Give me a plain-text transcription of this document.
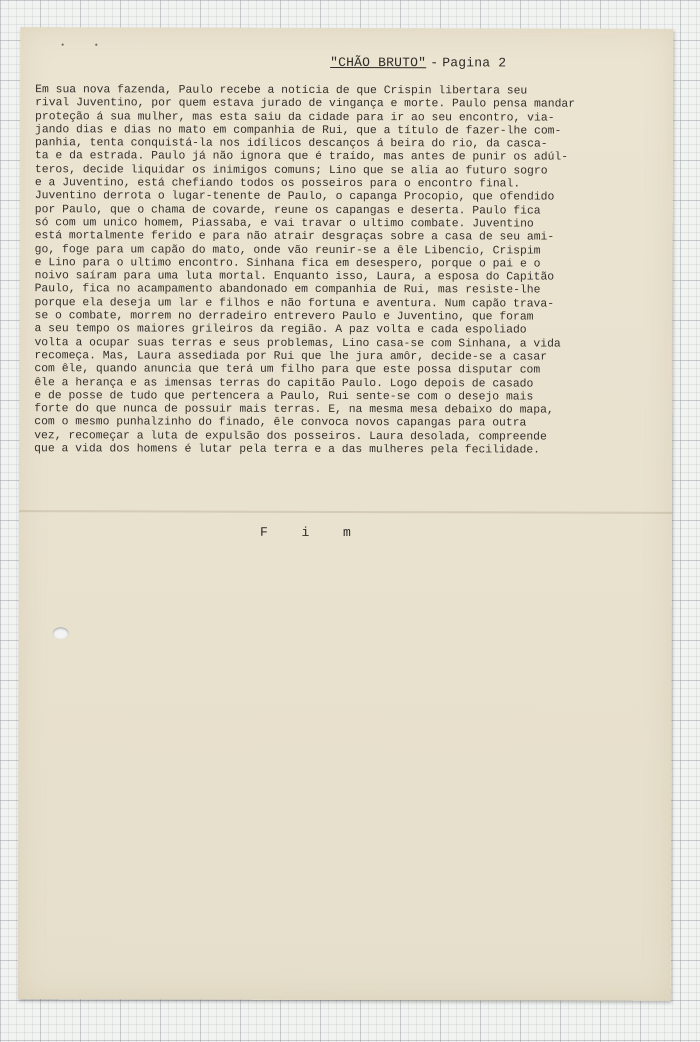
•      •
"CHÃO BRUTO" - Pagina 2
Em sua nova fazenda, Paulo recebe a notícia de que Crispin libertara seu
rival Juventino, por quem estava jurado de vingança e morte. Paulo pensa mandar
proteção á sua mulher, mas esta saiu da cidade para ir ao seu encontro, via-
jando dias e dias no mato em companhia de Rui, que a título de fazer-lhe com-
panhia, tenta conquistá-la nos idílicos descanços á beira do rio, da casca-
ta e da estrada. Paulo já não ignora que é traído, mas antes de punir os adúl-
teros, decide liquidar os inimigos comuns; Lino que se alia ao futuro sogro
e a Juventino, está chefiando todos os posseiros para o encontro final.
Juventino derrota o lugar-tenente de Paulo, o capanga Procopio, que ofendido
por Paulo, que o chama de covarde, reune os capangas e deserta. Paulo fica
só com um unico homem, Piassaba, e vai travar o ultimo combate. Juventino
está mortalmente ferido e para não atrair desgraças sobre a casa de seu ami-
go, foge para um capão do mato, onde vão reunir-se a êle Libencio, Crispim
e Lino para o ultimo encontro. Sinhana fica em desespero, porque o pai e o
noivo saíram para uma luta mortal. Enquanto isso, Laura, a esposa do Capitão
Paulo, fica no acampamento abandonado em companhia de Rui, mas resiste-lhe
porque ela deseja um lar e filhos e não fortuna e aventura. Num capão trava-
se o combate, morrem no derradeiro entrevero Paulo e Juventino, que foram
a seu tempo os maiores grileiros da região. A paz volta e cada espoliado
volta a ocupar suas terras e seus problemas, Lino casa-se com Sinhana, a vida
recomeça. Mas, Laura assediada por Rui que lhe jura amôr, decide-se a casar
com êle, quando anuncia que terá um filho para que este possa disputar com
êle a herança e as imensas terras do capitão Paulo. Logo depois de casado
e de posse de tudo que pertencera a Paulo, Rui sente-se com o desejo mais
forte do que nunca de possuir mais terras. E, na mesma mesa debaixo do mapa,
com o mesmo punhalzinho do finado, êle convoca novos capangas para outra
vez, recomeçar a luta de expulsão dos posseiros. Laura desolada, compreende
que a vida dos homens é lutar pela terra e a das mulheres pela fecilidade.
F    i    m
